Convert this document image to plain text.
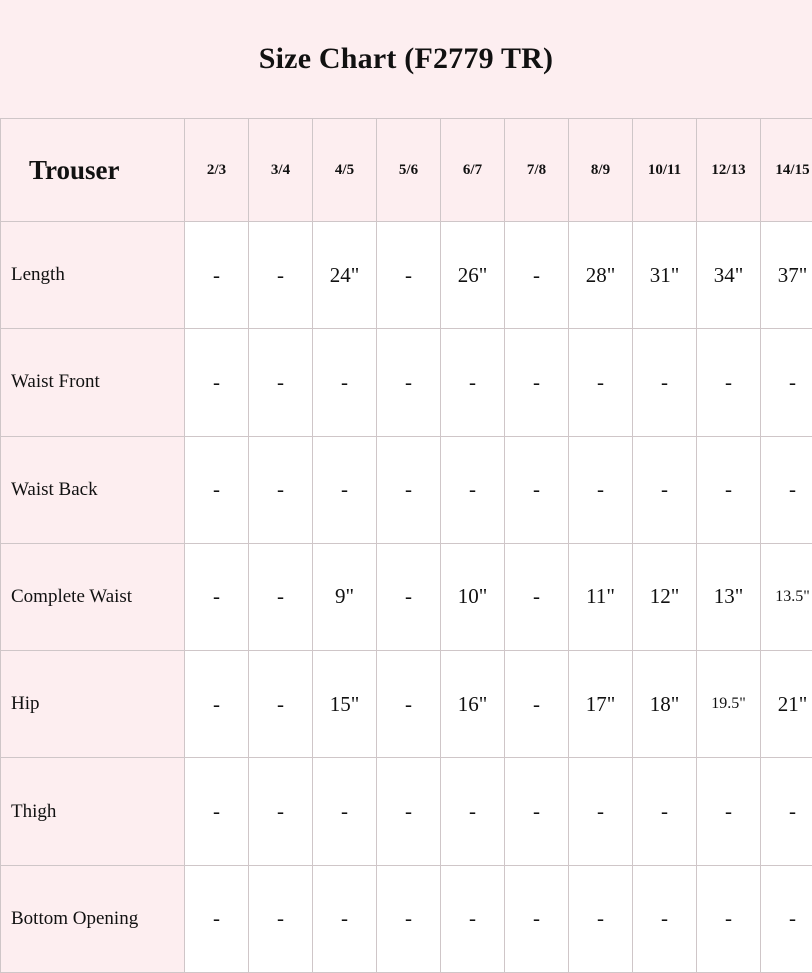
Size Chart (F2779 TR)
Trouser	2/3	3/4	4/5	5/6	6/7	7/8	8/9	10/11	12/13	14/15
Length	-	-	24"	-	26"	-	28"	31"	34"	37"
Waist Front	-	-	-	-	-	-	-	-	-	-
Waist Back	-	-	-	-	-	-	-	-	-	-
Complete Waist	-	-	9"	-	10"	-	11"	12"	13"	13.5"
Hip	-	-	15"	-	16"	-	17"	18"	19.5"	21"
Thigh	-	-	-	-	-	-	-	-	-	-
Bottom Opening	-	-	-	-	-	-	-	-	-	-
